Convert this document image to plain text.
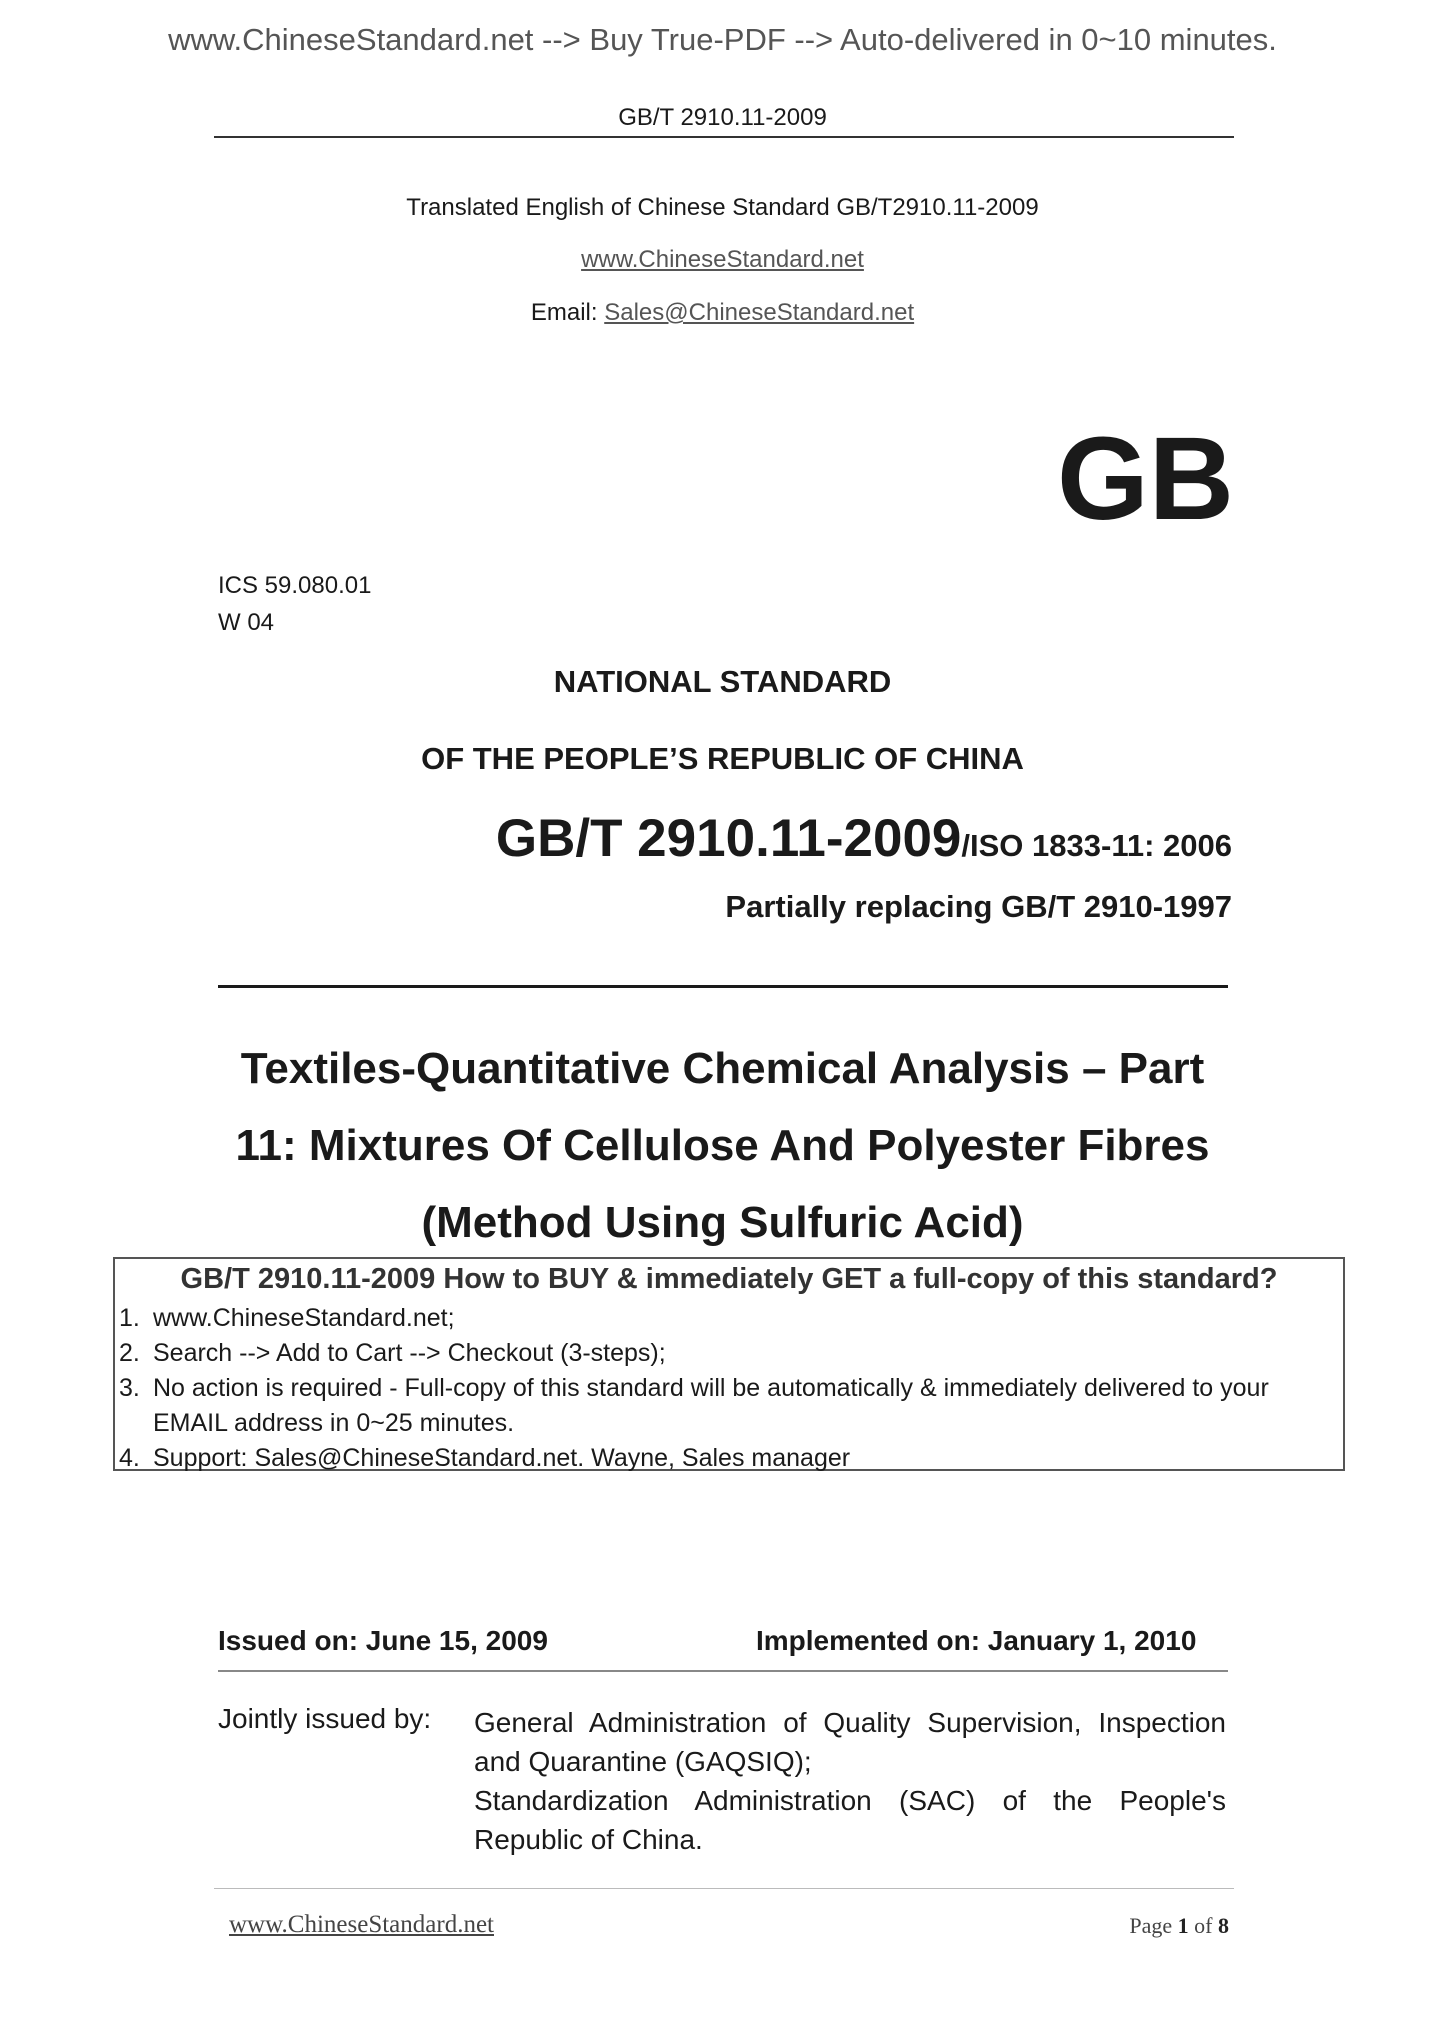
www.ChineseStandard.net --> Buy True-PDF --> Auto-delivered in 0~10 minutes.
GB/T 2910.11-2009
Translated English of Chinese Standard GB/T2910.11-2009
www.ChineseStandard.net
Email: Sales@ChineseStandard.net
GB
ICS 59.080.01
W 04
NATIONAL STANDARD
OF THE PEOPLE’S REPUBLIC OF CHINA
GB/T 2910.11-2009/ISO 1833-11: 2006
Partially replacing GB/T 2910-1997
Textiles-Quantitative Chemical Analysis – Part
11: Mixtures Of Cellulose And Polyester Fibres
(Method Using Sulfuric Acid)
GB/T 2910.11-2009 How to BUY & immediately GET a full-copy of this standard?
1. www.ChineseStandard.net;
2. Search --> Add to Cart --> Checkout (3-steps);
3. No action is required - Full-copy of this standard will be automatically & immediately delivered to your EMAIL address in 0~25 minutes.
4. Support: Sales@ChineseStandard.net. Wayne, Sales manager
Issued on: June 15, 2009	Implemented on: January 1, 2010
Jointly issued by: General Administration of Quality Supervision, Inspection and Quarantine (GAQSIQ);
Standardization Administration (SAC) of the People's Republic of China.
www.ChineseStandard.net	Page 1 of 8
